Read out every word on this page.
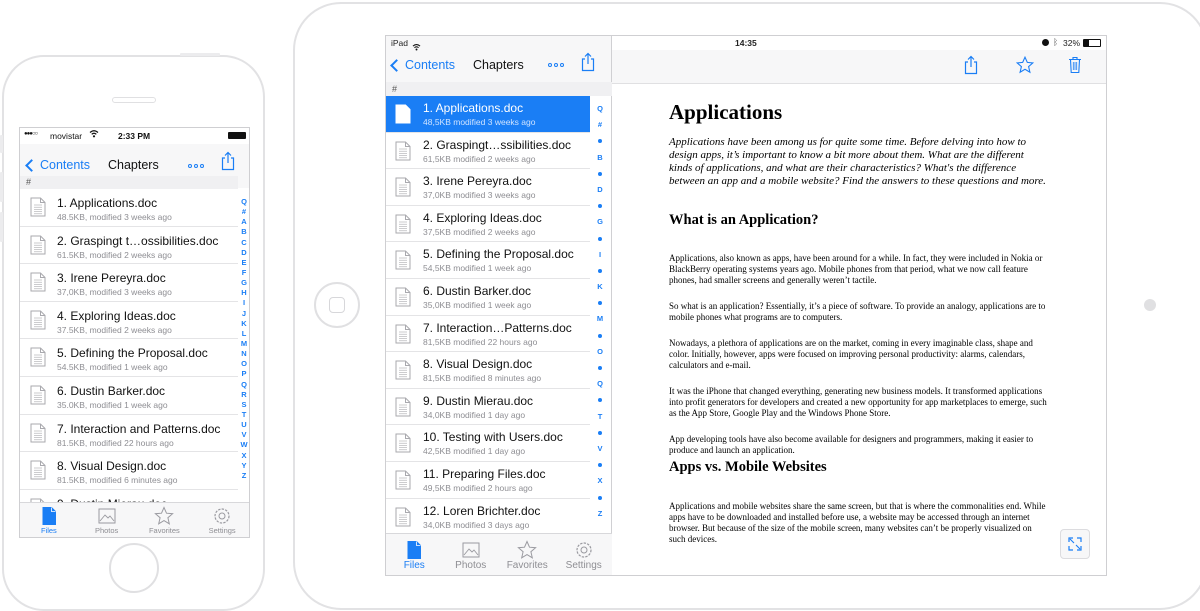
●●●○○ movistar	2:33 PM
Contents Chapters
#
1. Applications.doc
48.5KB, modified 3 weeks ago
2. Graspingt t…ossibilities.doc
61.5KB, modified 2 weeks ago
3. Irene Pereyra.doc
37,0KB, modified 3 weeks ago
4. Exploring Ideas.doc
37.5KB, modified 2 weeks ago
5. Defining the Proposal.doc
54.5KB, modified 1 week ago
6. Dustin Barker.doc
35.0KB, modified 1 week ago
7. Interaction and Patterns.doc
81.5KB, modified 22 hours ago
8. Visual Design.doc
81.5KB, modified 6 minutes ago
Q
#
A
B
C
D
E
F
G
H
I
J
K
L
M
N
O
P
Q
R
S
T
U
V
W
X
Y
Z
Files	Photos	Favorites	Settings
iPad
Contents Chapters
#
1. Applications.doc
48,5KB modified 3 weeks ago
2. Graspingt…ssibilities.doc
61,5KB modified 2 weeks ago
3. Irene Pereyra.doc
37,0KB modified 3 weeks ago
4. Exploring Ideas.doc
37,5KB modified 2 weeks ago
5. Defining the Proposal.doc
54,5KB modified 1 week ago
6. Dustin Barker.doc
35,0KB modified 1 week ago
7. Interaction…Patterns.doc
81,5KB modified 22 hours ago
8. Visual Design.doc
81,5KB modified 8 minutes ago
9. Dustin Mierau.doc
34,0KB modified 1 day ago
10. Testing with Users.doc
42,5KB modified 1 day ago
11. Preparing Files.doc
49,5KB modified 2 hours ago
12. Loren Brichter.doc
34,0KB modified 3 days ago
Q
#
B
D
G
I
K
M
O
Q
T
V
X
Z
Files	Photos Favorites Settings
14:35	ᛒ 32%
Applications

Applications have been among us for quite some time. Before delving into how to design apps, it’s important to know a bit more about them. What are the different kinds of applications, and what are their characteristics? What's the difference between an app and a mobile website? Find the answers to these questions and more.

What is an Application?

Applications, also known as apps, have been around for a while. In fact, they were included in Nokia or BlackBerry operating systems years ago. Mobile phones from that period, what we now call feature phones, had smaller screens and generally weren’t tactile.

So what is an application? Essentially, it’s a piece of software. To provide an analogy, applications are to mobile phones what programs are to computers.

Nowadays, a plethora of applications are on the market, coming in every imaginable class, shape and color. Initially, however, apps were focused on improving personal productivity: alarms, calendars, calculators and e-mail.

It was the iPhone that changed everything, generating new business models. It transformed applications into profit generators for developers and created a new opportunity for app marketplaces to emerge, such as the App Store, Google Play and the Windows Phone Store.

App developing tools have also become available for designers and programmers, making it easier to produce and launch an application.

Apps vs. Mobile Websites

Applications and mobile websites share the same screen, but that is where the commonalities end. While apps have to be downloaded and installed before use, a website may be accessed through an internet browser. But because of the size of the mobile screen, many websites can’t be properly visualized on such devices.
